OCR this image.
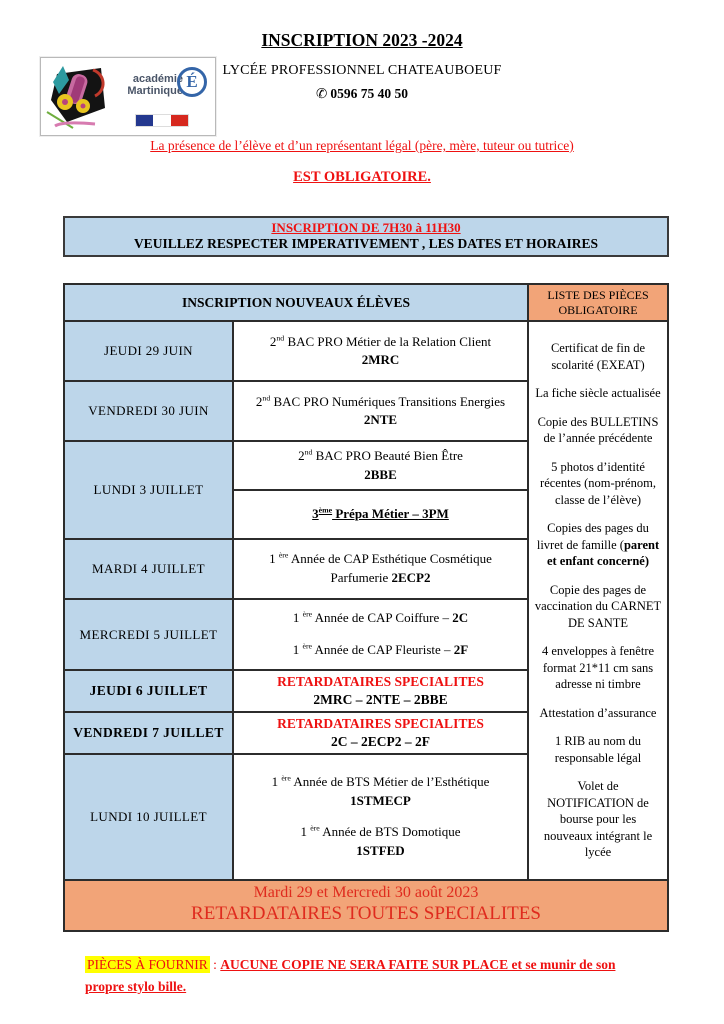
INSCRIPTION 2023 -2024
académie
Martinique É
LYCÉE PROFESSIONNEL CHATEAUBOEUF
✆ 0596 75 40 50
La présence de l’élève et d’un représentant légal (père, mère, tuteur ou tutrice)
EST OBLIGATOIRE.
INSCRIPTION DE 7H30 à 11H30
VEUILLEZ RESPECTER IMPERATIVEMENT , LES DATES ET HORAIRES
INSCRIPTION NOUVEAUX ÉLÈVES
JEUDI 29 JUIN
2nd BAC PRO Métier de la Relation Client
2MRC
VENDREDI 30 JUIN
2nd BAC PRO Numériques Transitions Energies
2NTE
LUNDI 3 JUILLET
2nd BAC PRO Beauté Bien Être
2BBE
3ème Prépa Métier – 3PM
MARDI 4 JUILLET
1 $^{ère}$ Année de CAP Esthétique Cosmétique
Parfumerie 2ECP2
MERCREDI 5 JUILLET
1 $^{ère}$ Année de CAP Coiffure – 2C
1 $^{ère}$ Année de CAP Fleuriste – 2F
JEUDI 6 JUILLET
RETARDATAIRES SPECIALITES
2MRC – 2NTE – 2BBE
VENDREDI 7 JUILLET
RETARDATAIRES SPECIALITES
2C – 2ECP2 – 2F
LUNDI 10 JUILLET
1 $^{ère}$ Année de BTS Métier de l’Esthétique
1STMECP
1 $^{ère}$ Année de BTS Domotique
1STFED
LISTE DES PIÈCES OBLIGATOIRE
Certificat de fin de scolarité (EXEAT)
La fiche siècle actualisée
Copie des BULLETINS de l’année précédente
5 photos d’identité récentes (nom-prénom, classe de l’élève)
Copies des pages du livret de famille (parent et enfant concerné)
Copie des pages de vaccination du CARNET DE SANTE
4 enveloppes à fenêtre format 21*11 cm sans adresse ni timbre
Attestation d’assurance
1 RIB au nom du responsable légal
Volet de NOTIFICATION de bourse pour les nouveaux intégrant le lycée
Mardi 29 et Mercredi 30 août 2023
RETARDATAIRES TOUTES SPECIALITES
PIÈCES À FOURNIR : AUCUNE COPIE NE SERA FAITE SUR PLACE et se munir de son propre stylo bille.
